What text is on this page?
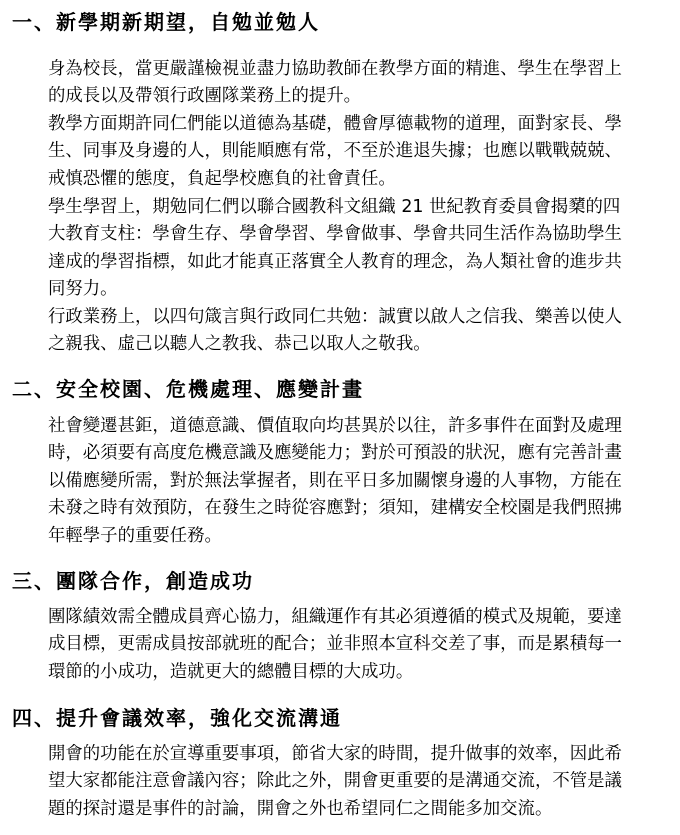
一、新學期新期望，自勉並勉人
身為校長，當更嚴謹檢視並盡力協助教師在教學方面的精進、學生在學習上
的成長以及帶領行政團隊業務上的提升。
教學方面期許同仁們能以道德為基礎，體會厚德載物的道理，面對家長、學
生、同事及身邊的人，則能順應有常，不至於進退失據；也應以戰戰兢兢、
戒慎恐懼的態度，負起學校應負的社會責任。
學生學習上，期勉同仁們以聯合國教科文組織 21 世紀教育委員會揭櫫的四
大教育支柱：學會生存、學會學習、學會做事、學會共同生活作為協助學生
達成的學習指標，如此才能真正落實全人教育的理念，為人類社會的進步共
同努力。
行政業務上，以四句箴言與行政同仁共勉：誠實以啟人之信我、樂善以使人
之親我、虛己以聽人之教我、恭己以取人之敬我。
二、安全校園、危機處理、應變計畫
社會變遷甚鉅，道德意識、價值取向均甚異於以往，許多事件在面對及處理
時，必須要有高度危機意識及應變能力；對於可預設的狀況，應有完善計畫
以備應變所需，對於無法掌握者，則在平日多加關懷身邊的人事物，方能在
未發之時有效預防，在發生之時從容應對；須知，建構安全校園是我們照拂
年輕學子的重要任務。
三、團隊合作，創造成功
團隊績效需全體成員齊心協力，組織運作有其必須遵循的模式及規範，要達
成目標，更需成員按部就班的配合；並非照本宣科交差了事，而是累積每一
環節的小成功，造就更大的總體目標的大成功。
四、提升會議效率，強化交流溝通
開會的功能在於宣導重要事項，節省大家的時間，提升做事的效率，因此希
望大家都能注意會議內容；除此之外，開會更重要的是溝通交流，不管是議
題的探討還是事件的討論，開會之外也希望同仁之間能多加交流。
